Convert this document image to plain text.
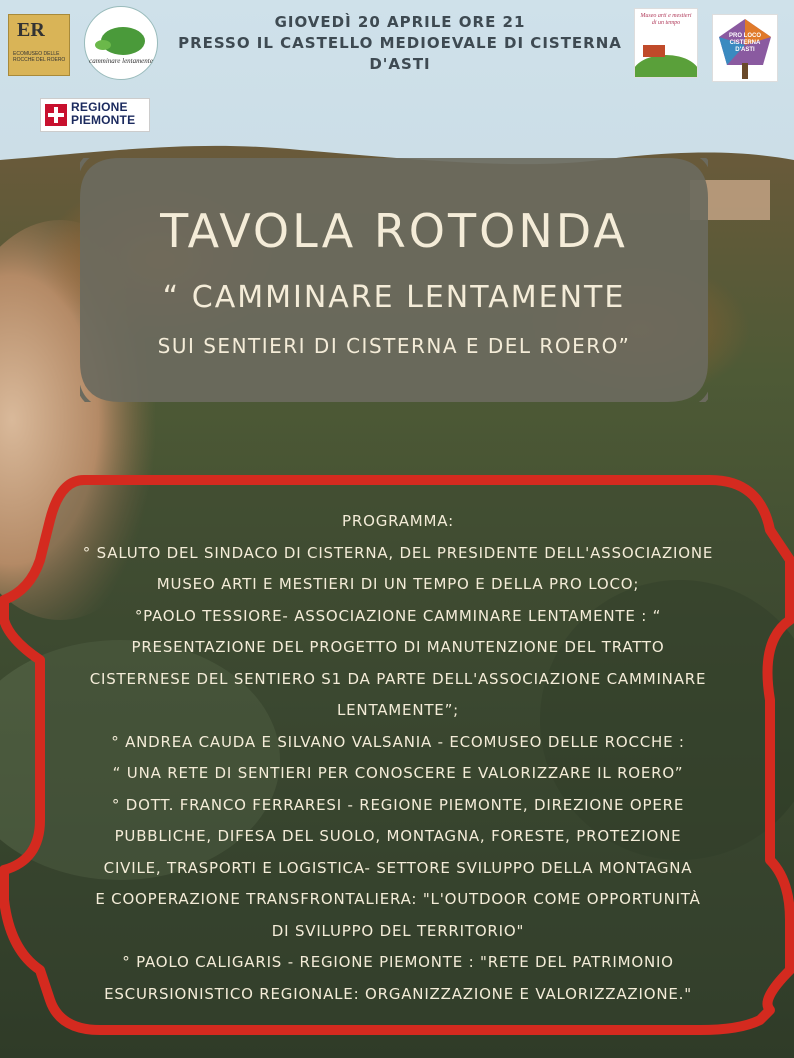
GIOVEDÌ 20 APRILE ORE 21
PRESSO IL CASTELLO MEDIOEVALE DI CISTERNA
D'ASTI
ER
ECOMUSEO DELLE ROCCHE DEL ROERO	camminare lentamente
REGIONE
PIEMONTE
Museo arti e mestieri di un tempo
PRO LOCO CISTERNA D'ASTI
TAVOLA ROTONDA
“ CAMMINARE LENTAMENTE
SUI SENTIERI DI CISTERNA E DEL ROERO”
PROGRAMMA:
° SALUTO DEL SINDACO DI CISTERNA, DEL PRESIDENTE DELL'ASSOCIAZIONE
MUSEO ARTI E MESTIERI DI UN TEMPO E DELLA PRO LOCO;
°PAOLO TESSIORE- ASSOCIAZIONE CAMMINARE LENTAMENTE : “
PRESENTAZIONE DEL PROGETTO DI MANUTENZIONE DEL TRATTO
CISTERNESE DEL SENTIERO S1 DA PARTE DELL'ASSOCIAZIONE CAMMINARE
LENTAMENTE”;
° ANDREA CAUDA E SILVANO VALSANIA - ECOMUSEO DELLE ROCCHE :
“ UNA RETE DI SENTIERI PER CONOSCERE E VALORIZZARE IL ROERO”
° DOTT. FRANCO FERRARESI - REGIONE PIEMONTE, DIREZIONE OPERE
PUBBLICHE, DIFESA DEL SUOLO, MONTAGNA, FORESTE, PROTEZIONE
CIVILE, TRASPORTI E LOGISTICA- SETTORE SVILUPPO DELLA MONTAGNA
E COOPERAZIONE TRANSFRONTALIERA: "L'OUTDOOR COME OPPORTUNITÀ
DI SVILUPPO DEL TERRITORIO"
° PAOLO CALIGARIS - REGIONE PIEMONTE : "RETE DEL PATRIMONIO
ESCURSIONISTICO REGIONALE: ORGANIZZAZIONE E VALORIZZAZIONE."
